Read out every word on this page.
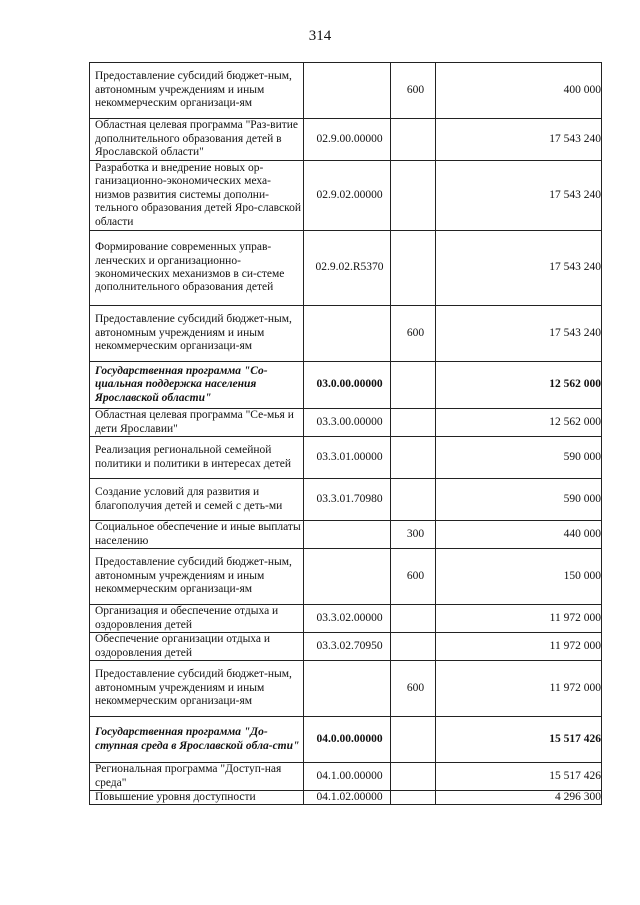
314
Предоставление субсидий бюджет-ным, автономным учреждениям и иным некоммерческим организаци-ям		600	400 000
Областная целевая программа "Раз-витие дополнительного образования детей в Ярославской области"	02.9.00.00000		17 543 240
Разработка и внедрение новых ор-ганизационно-экономических меха-низмов развития системы дополни-тельного образования детей Яро-славской области	02.9.02.00000		17 543 240
Формирование современных управ-ленческих и организационно-экономических механизмов в си-стеме дополнительного образования детей	02.9.02.R5370		17 543 240
Предоставление субсидий бюджет-ным, автономным учреждениям и иным некоммерческим организаци-ям		600	17 543 240
Государственная программа "Со-циальная поддержка населения Ярославской области"	03.0.00.00000		12 562 000
Областная целевая программа "Се-мья и дети Ярославии"	03.3.00.00000		12 562 000
Реализация региональной семейной политики и политики в интересах детей	03.3.01.00000		590 000
Создание условий для развития и благополучия детей и семей с деть-ми	03.3.01.70980		590 000
Социальное обеспечение и иные выплаты населению		300	440 000
Предоставление субсидий бюджет-ным, автономным учреждениям и иным некоммерческим организаци-ям		600	150 000
Организация и обеспечение отдыха и оздоровления детей	03.3.02.00000		11 972 000
Обеспечение организации отдыха и оздоровления детей	03.3.02.70950		11 972 000
Предоставление субсидий бюджет-ным, автономным учреждениям и иным некоммерческим организаци-ям		600	11 972 000
Государственная программа "До-ступная среда в Ярославской обла-сти"	04.0.00.00000		15 517 426
Региональная программа "Доступ-ная среда"	04.1.00.00000		15 517 426
Повышение уровня доступности	04.1.02.00000		4 296 300
